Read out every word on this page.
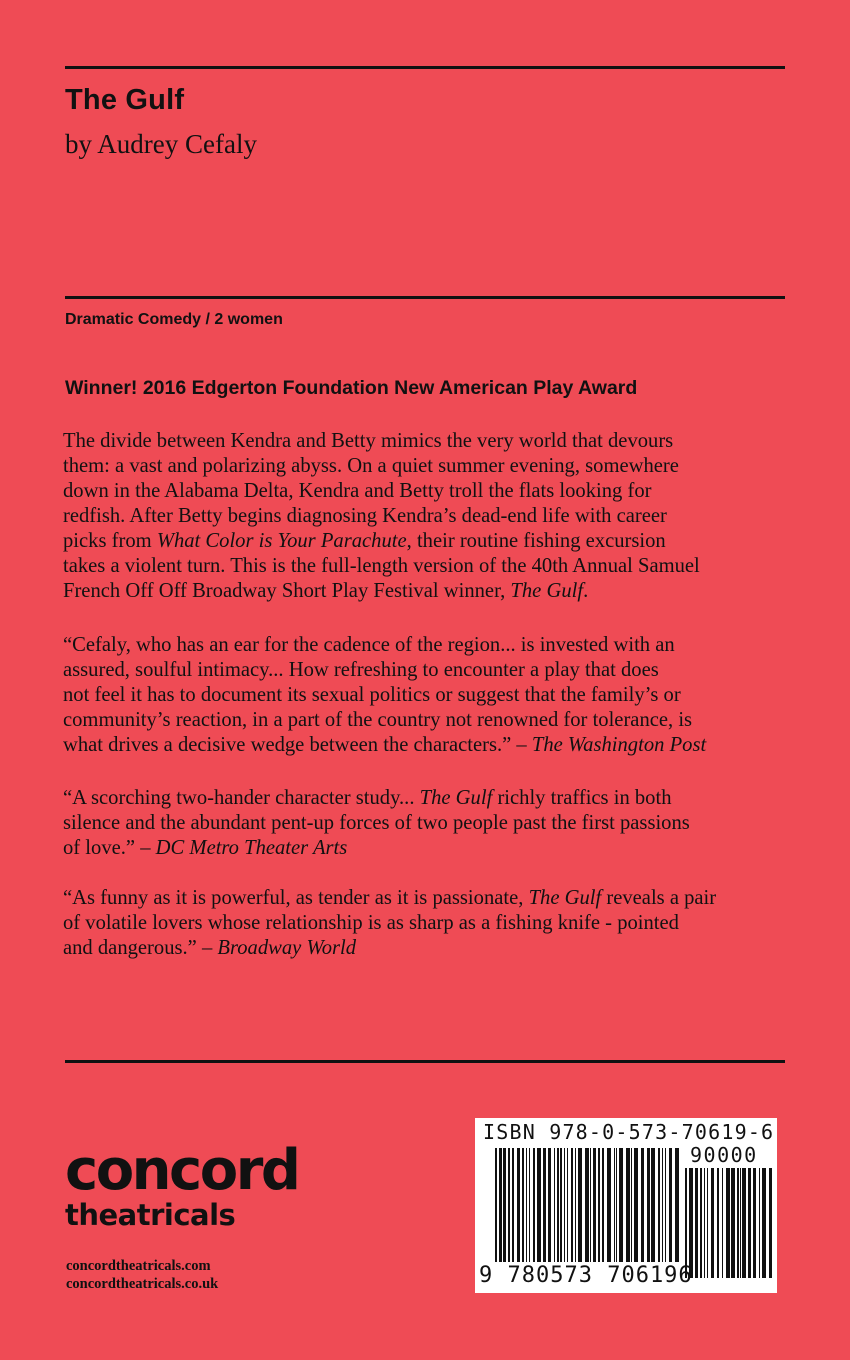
The Gulf
by Audrey Cefaly
Dramatic Comedy / 2 women
Winner! 2016 Edgerton Foundation New American Play Award
The divide between Kendra and Betty mimics the very world that devours
them: a vast and polarizing abyss. On a quiet summer evening, somewhere
down in the Alabama Delta, Kendra and Betty troll the flats looking for
redfish. After Betty begins diagnosing Kendra’s dead-end life with career
picks from What Color is Your Parachute, their routine fishing excursion
takes a violent turn. This is the full-length version of the 40th Annual Samuel
French Off Off Broadway Short Play Festival winner, The Gulf.
“Cefaly, who has an ear for the cadence of the region... is invested with an
assured, soulful intimacy... How refreshing to encounter a play that does
not feel it has to document its sexual politics or suggest that the family’s or
community’s reaction, in a part of the country not renowned for tolerance, is
what drives a decisive wedge between the characters.” – The Washington Post
“A scorching two-hander character study... The Gulf richly traffics in both
silence and the abundant pent-up forces of two people past the first passions
of love.” – DC Metro Theater Arts
“As funny as it is powerful, as tender as it is passionate, The Gulf reveals a pair
of volatile lovers whose relationship is as sharp as a fishing knife - pointed
and dangerous.” – Broadway World
concord
theatricals
concordtheatricals.com
concordtheatricals.co.uk
ISBN 978-0-573-70619-6
90000
9 780573 706196
